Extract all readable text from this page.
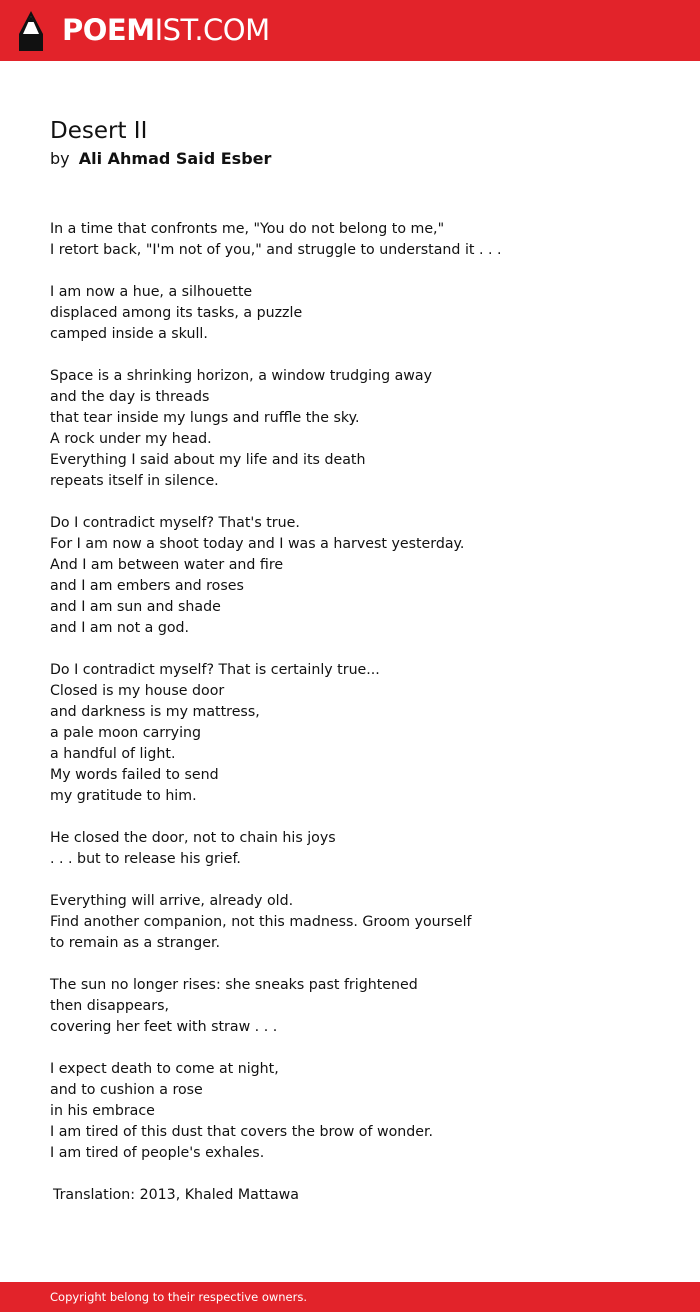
POEMIST.COM
Desert II
by Ali Ahmad Said Esber
In a time that confronts me, "You do not belong to me,"
I retort back, "I'm not of you," and struggle to understand it . . .
I am now a hue, a silhouette
displaced among its tasks, a puzzle
camped inside a skull.
Space is a shrinking horizon, a window trudging away
and the day is threads
that tear inside my lungs and ruffle the sky.
A rock under my head.
Everything I said about my life and its death
repeats itself in silence.
Do I contradict myself? That's true.
For I am now a shoot today and I was a harvest yesterday.
And I am between water and fire
and I am embers and roses
and I am sun and shade
and I am not a god.
Do I contradict myself? That is certainly true...
Closed is my house door
and darkness is my mattress,
a pale moon carrying
a handful of light.
My words failed to send
my gratitude to him.
He closed the door, not to chain his joys
. . . but to release his grief.
Everything will arrive, already old.
Find another companion, not this madness. Groom yourself
to remain as a stranger.
The sun no longer rises: she sneaks past frightened
then disappears,
covering her feet with straw . . .
I expect death to come at night,
and to cushion a rose
in his embrace
I am tired of this dust that covers the brow of wonder.
I am tired of people's exhales.
Translation: 2013, Khaled Mattawa
Copyright belong to their respective owners.
